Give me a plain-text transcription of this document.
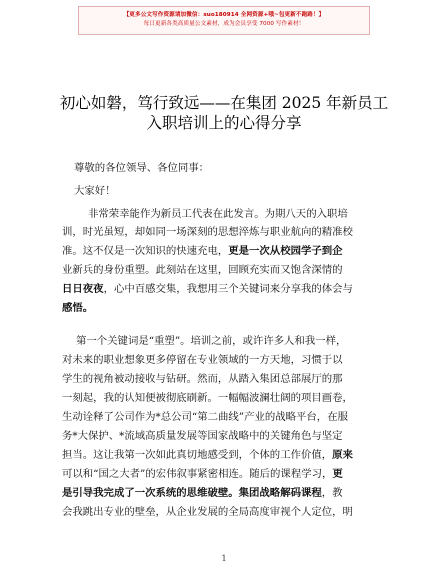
【更多公文写作资源请加微信：suo180914 全网资源+哦~包更新不跑路！】
每日更新各类高质量公文素材，成为会员享受 7000 写作素材！
初心如磐，笃行致远——在集团 2025 年新员工
入职培训上的心得分享
尊敬的各位领导、各位同事：
大家好！
非常荣幸能作为新员工代表在此发言。为期八天的入职培
训，时光虽短，却如同一场深刻的思想淬炼与职业航向的精准校
准。这不仅是一次知识的快速充电，更是一次从校园学子到企
业新兵的身份重塑。此刻站在这里，回顾充实而又饱含深情的
日日夜夜，心中百感交集，我想用三个关键词来分享我的体会与
感悟。
第一个关键词是“重塑”。培训之前，或许许多人和我一样，
对未来的职业想象更多停留在专业领域的一方天地，习惯于以
学生的视角被动接收与钻研。然而，从踏入集团总部展厅的那
一刻起，我的认知便被彻底刷新。一幅幅波澜壮阔的项目画卷，
生动诠释了公司作为*总公司“第二曲线”产业的战略平台，在服
务*大保护、*流域高质量发展等国家战略中的关键角色与坚定
担当。这让我第一次如此真切地感受到，个体的工作价值，原来
可以和“国之大者”的宏伟叙事紧密相连。随后的课程学习，更
是引导我完成了一次系统的思维破壁。集团战略解码课程，教
会我跳出专业的壁垒，从企业发展的全局高度审视个人定位，明
1
